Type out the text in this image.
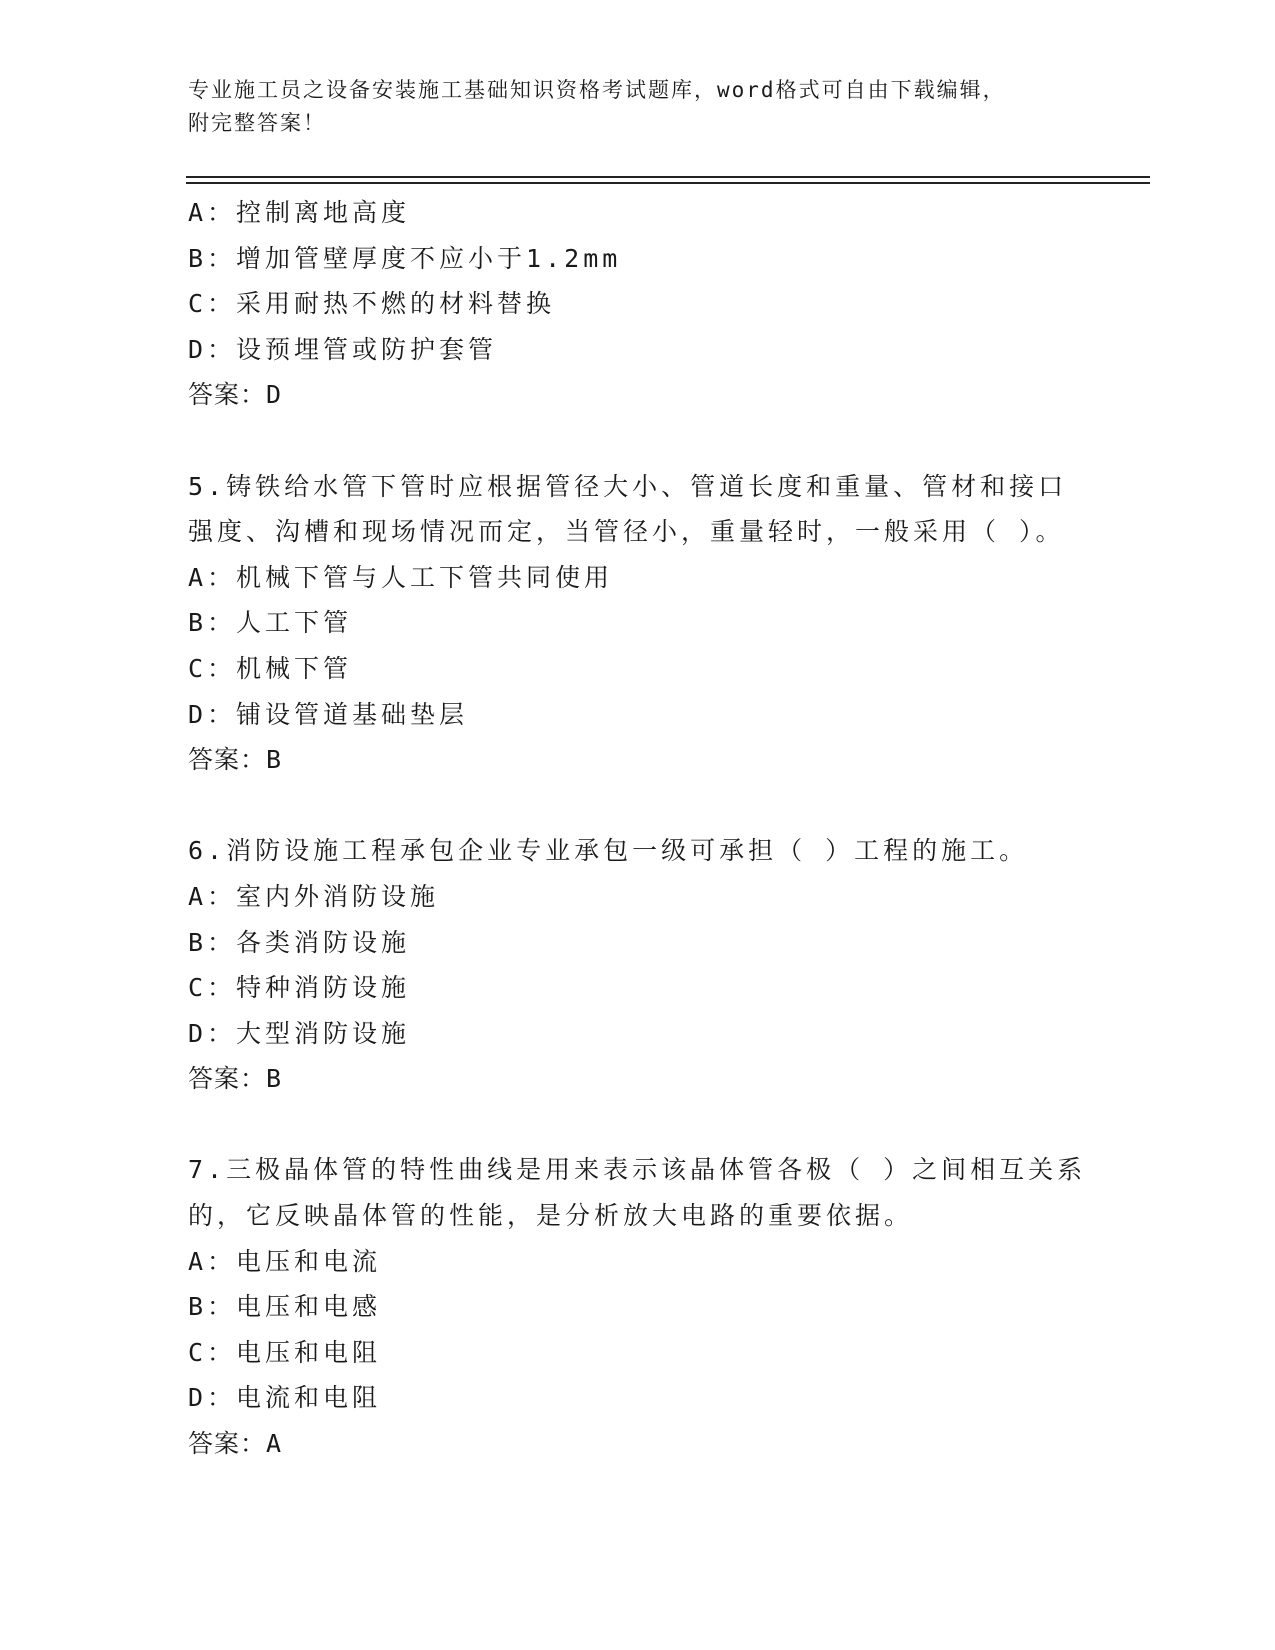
专业施工员之设备安装施工基础知识资格考试题库，word格式可自由下载编辑，
附完整答案！
A：控制离地高度
B：增加管壁厚度不应小于1.2mm
C：采用耐热不燃的材料替换
D：设预埋管或防护套管
答案：D
5.铸铁给水管下管时应根据管径大小、管道长度和重量、管材和接口
强度、沟槽和现场情况而定，当管径小，重量轻时，一般采用（ ）。
A：机械下管与人工下管共同使用
B：人工下管
C：机械下管
D：铺设管道基础垫层
答案：B
6.消防设施工程承包企业专业承包一级可承担（ ）工程的施工。
A：室内外消防设施
B：各类消防设施
C：特种消防设施
D：大型消防设施
答案：B
7.三极晶体管的特性曲线是用来表示该晶体管各极（ ）之间相互关系
的，它反映晶体管的性能，是分析放大电路的重要依据。
A：电压和电流
B：电压和电感
C：电压和电阻
D：电流和电阻
答案：A
